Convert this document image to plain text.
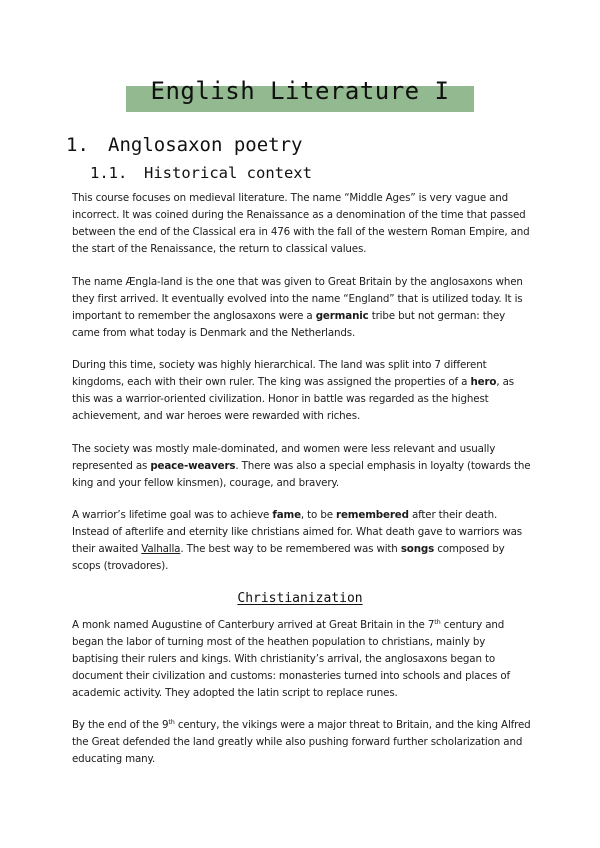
English Literature I
1. Anglosaxon poetry
1.1. Historical context

This course focuses on medieval literature. The name “Middle Ages” is very vague and incorrect. It was coined during the Renaissance as a denomination of the time that passed between the end of the Classical era in 476 with the fall of the western Roman Empire, and the start of the Renaissance, the return to classical values.

The name Ængla-land is the one that was given to Great Britain by the anglosaxons when they first arrived. It eventually evolved into the name “England” that is utilized today. It is important to remember the anglosaxons were a germanic tribe but not german: they came from what today is Denmark and the Netherlands.

During this time, society was highly hierarchical. The land was split into 7 different kingdoms, each with their own ruler. The king was assigned the properties of a hero, as this was a warrior-oriented civilization. Honor in battle was regarded as the highest achievement, and war heroes were rewarded with riches.

The society was mostly male-dominated, and women were less relevant and usually represented as peace-weavers. There was also a special emphasis in loyalty (towards the king and your fellow kinsmen), courage, and bravery.

A warrior’s lifetime goal was to achieve fame, to be remembered after their death. Instead of afterlife and eternity like christians aimed for. What death gave to warriors was their awaited Valhalla. The best way to be remembered was with songs composed by scops (trovadores).

Christianization

A monk named Augustine of Canterbury arrived at Great Britain in the 7th century and began the labor of turning most of the heathen population to christians, mainly by baptising their rulers and kings. With christianity’s arrival, the anglosaxons began to document their civilization and customs: monasteries turned into schools and places of academic activity. They adopted the latin script to replace runes.

By the end of the 9th century, the vikings were a major threat to Britain, and the king Alfred the Great defended the land greatly while also pushing forward further scholarization and educating many.
